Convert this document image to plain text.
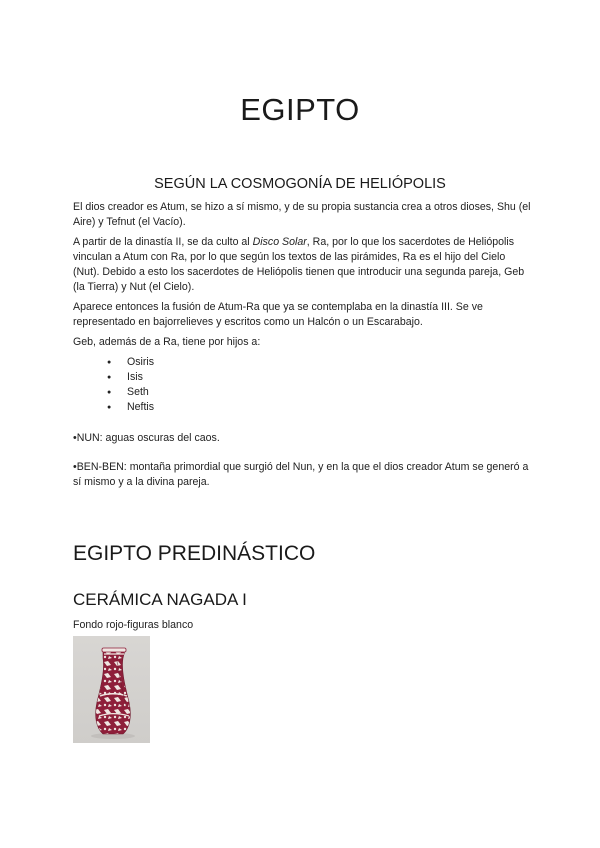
EGIPTO
SEGÚN LA COSMOGONÍA DE HELIÓPOLIS

El dios creador es Atum, se hizo a sí mismo, y de su propia sustancia crea a otros dioses, Shu (el Aire) y Tefnut (el Vacío).

A partir de la dinastía II, se da culto al Disco Solar, Ra, por lo que los sacerdotes de Heliópolis vinculan a Atum con Ra, por lo que según los textos de las pirámides, Ra es el hijo del Cielo (Nut). Debido a esto los sacerdotes de Heliópolis tienen que introducir una segunda pareja, Geb (la Tierra) y Nut (el Cielo).

Aparece entonces la fusión de Atum-Ra que ya se contemplaba en la dinastía III. Se ve representado en bajorrelieves y escritos como un Halcón o un Escarabajo.

Geb, además de a Ra, tiene por hijos a:

● Osiris
● Isis
● Seth
● Neftis

•NUN: aguas oscuras del caos.

•BEN-BEN: montaña primordial que surgió del Nun, y en la que el dios creador Atum se generó a sí mismo y a la divina pareja.

EGIPTO PREDINÁSTICO
CERÁMICA NAGADA I

Fondo rojo-figuras blanco
